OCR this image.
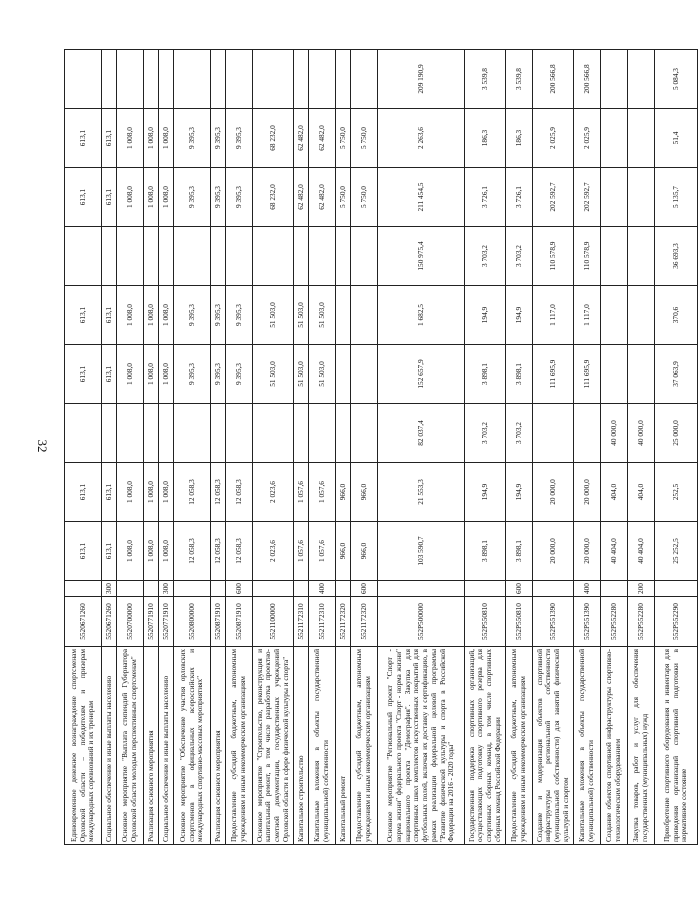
32
Единовременное денежное вознаграждение спортсменам Орловской области – победителям и призерам международных соревнований и их тренерам	5520671260		613,1	613,1		613,1	613,1		613,1	613,1	
Социальное обеспечение и иные выплаты населению	5520671260	300	613,1	613,1		613,1	613,1		613,1	613,1	
Основное мероприятие "Выплата стипендий Губернатора Орловской области молодым перспективным спортсменам"	5520700000		1 008,0	1 008,0		1 008,0	1 008,0		1 008,0	1 008,0	
Реализация основного мероприятия	5520771910		1 008,0	1 008,0		1 008,0	1 008,0		1 008,0	1 008,0	
Социальное обеспечение и иные выплаты населению	5520771910	300	1 008,0	1 008,0		1 008,0	1 008,0		1 008,0	1 008,0	
Основное мероприятие "Обеспечение участия орловских спортсменов в официальных всероссийских и международных спортивно-массовых мероприятиях"	5520800000		12 058,3	12 058,3		9 395,3	9 395,3		9 395,3	9 395,3	
Реализация основного мероприятия	5520871910		12 058,3	12 058,3		9 395,3	9 395,3		9 395,3	9 395,3	
Предоставление субсидий бюджетным, автономным учреждениям и иным некоммерческим организациям	5520871910	600	12 058,3	12 058,3		9 395,3	9 395,3		9 395,3	9 395,3	
Основное мероприятие "Строительство, реконструкция и капитальный ремонт, в том числе разработка проектно-сметной документации, государственных учреждений Орловской области в сфере физической культуры и спорта"	5521100000		2 023,6	2 023,6		51 503,0	51 503,0		68 232,0	68 232,0	
Капитальное строительство	5521172310		1 057,6	1 057,6		51 503,0	51 503,0		62 482,0	62 482,0	
Капитальные вложения в объекты государственной (муниципальной) собственности	5521172310	400	1 057,6	1 057,6		51 503,0	51 503,0		62 482,0	62 482,0	
Капитальный ремонт	5521172320		966,0	966,0					5 750,0	5 750,0	
Предоставление субсидий бюджетным, автономным учреждениям и иным некоммерческим организациям	5521172320	600	966,0	966,0					5 750,0	5 750,0	
Основное мероприятие "Региональный проект "Спорт - норма жизни" федерального проекта "Спорт - норма жизни" национального проекта "Демография". Закупка для спортивных школ комплектов искусственных покрытий для футбольных полей, включая их доставку и сертификацию, в рамках реализации федеральной целевой программы "Развитие физической культуры и спорта в Российской Федерации на 2016 - 2020 годы"	552P500000		103 590,7	21 553,3	82 037,4	152 657,9	1 682,5	150 975,4	211 454,5	2 263,6	209 190,9
Государственная поддержка спортивных организаций, осуществляющих подготовку спортивного резерва для спортивных сборных команд, в том числе спортивных сборных команд Российской Федерации	552P550810		3 898,1	194,9	3 703,2	3 898,1	194,9	3 703,2	3 726,1	186,3	3 539,8
Предоставление субсидий бюджетным, автономным учреждениям и иным некоммерческим организациям	552P550810	600	3 898,1	194,9	3 703,2	3 898,1	194,9	3 703,2	3 726,1	186,3	3 539,8
Создание и модернизация объектов спортивной инфраструктуры региональной собственности (муниципальной собственности) для занятий физической культурой и спортом	552P551390		20 000,0	20 000,0		111 695,9	1 117,0	110 578,9	202 592,7	2 025,9	200 566,8
Капитальные вложения в объекты государственной (муниципальной) собственности	552P551390	400	20 000,0	20 000,0		111 695,9	1 117,0	110 578,9	202 592,7	2 025,9	200 566,8
Создание объектов спортивной инфраструктуры спортивно-технологическим оборудованием	552P552280		40 404,0	404,0	40 000,0						
Закупка товаров, работ и услуг для обеспечения государственных (муниципальных) нужд	552P552280	200	40 404,0	404,0	40 000,0						
Приобретение спортивного оборудования и инвентаря для приведения организаций спортивной подготовки в нормативное состояние	552P552290		25 252,5	252,5	25 000,0	37 063,9	370,6	36 693,3	5 135,7	51,4	5 084,3
